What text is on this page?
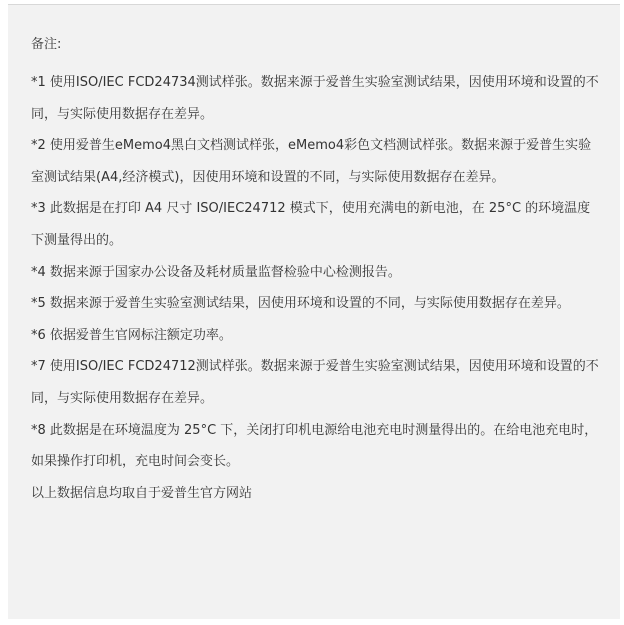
备注:

*1 使用ISO/IEC FCD24734测试样张。数据来源于爱普生实验室测试结果，因使用环境和设置的不同，与实际使用数据存在差异。

*2 使用爱普生eMemo4黑白文档测试样张，eMemo4彩色文档测试样张。数据来源于爱普生实验室测试结果(A4,经济模式)，因使用环境和设置的不同，与实际使用数据存在差异。

*3 此数据是在打印 A4 尺寸 ISO/IEC24712 模式下，使用充满电的新电池，在 25°C 的环境温度下测量得出的。

*4 数据来源于国家办公设备及耗材质量监督检验中心检测报告。

*5 数据来源于爱普生实验室测试结果，因使用环境和设置的不同，与实际使用数据存在差异。

*6 依据爱普生官网标注额定功率。

*7 使用ISO/IEC FCD24712测试样张。数据来源于爱普生实验室测试结果，因使用环境和设置的不同，与实际使用数据存在差异。

*8 此数据是在环境温度为 25°C 下，关闭打印机电源给电池充电时测量得出的。在给电池充电时，如果操作打印机，充电时间会变长。

以上数据信息均取自于爱普生官方网站
